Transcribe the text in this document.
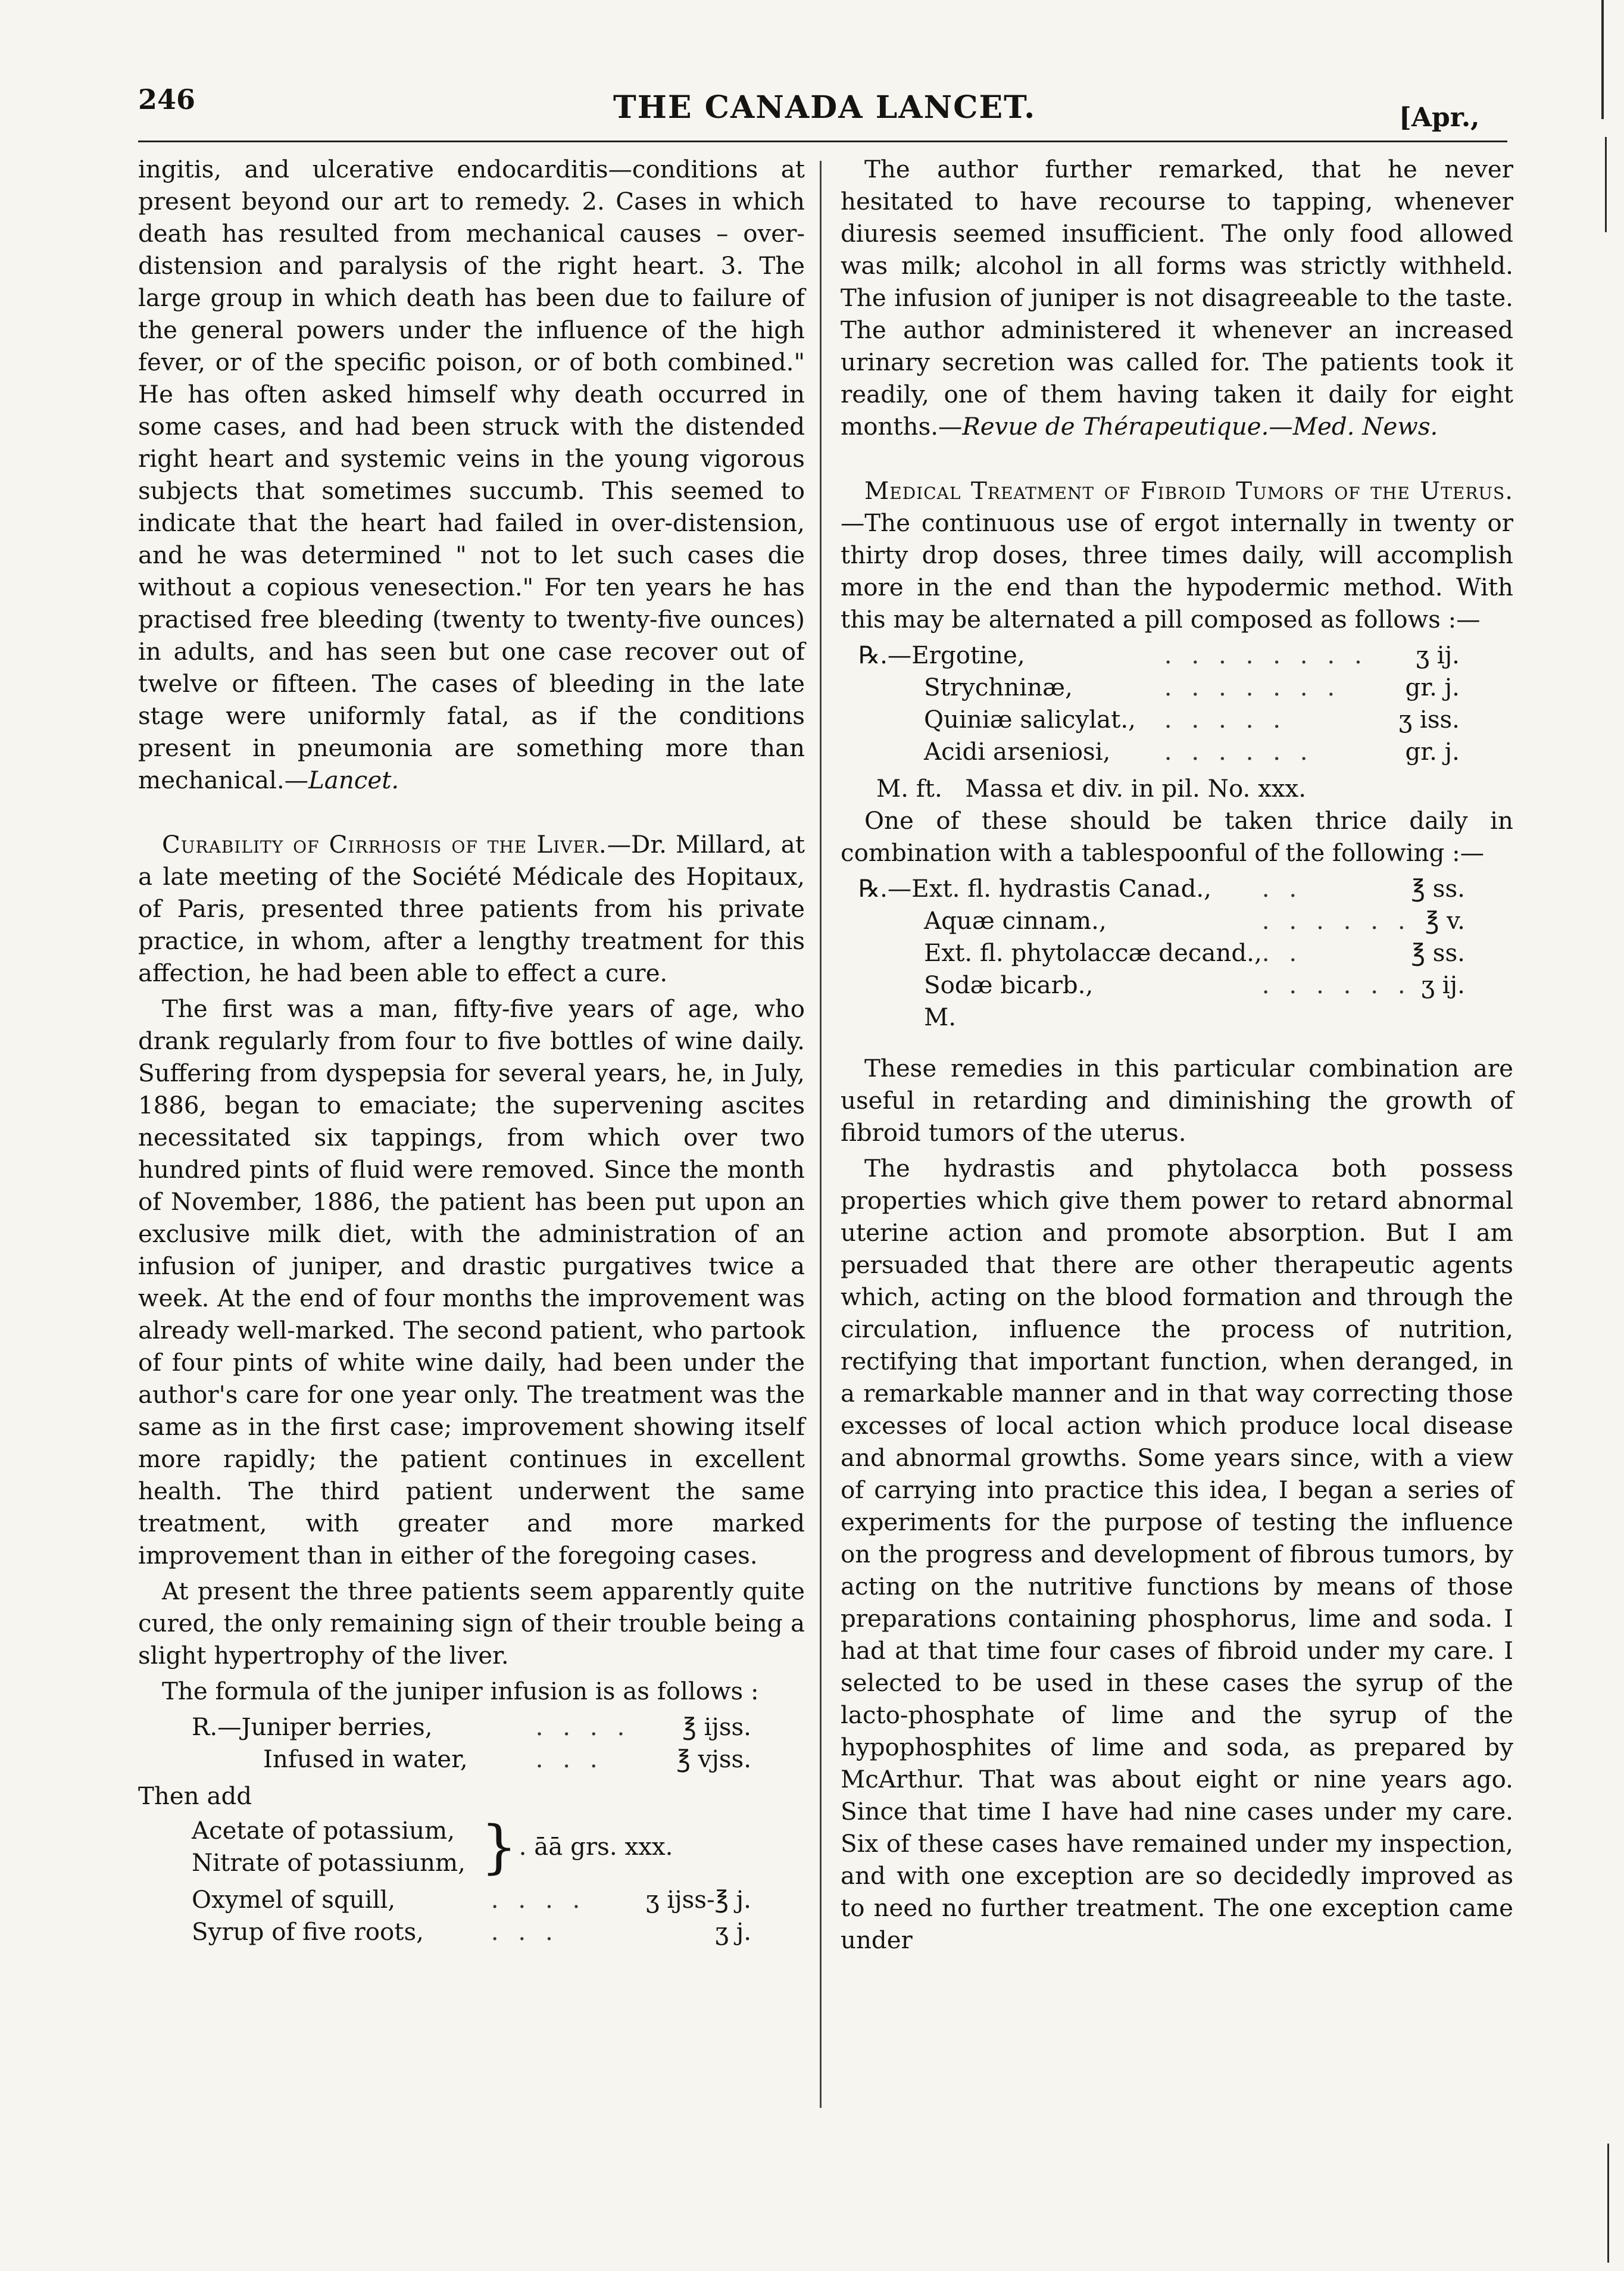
246	THE CANADA LANCET.	[Apr.,

ingitis, and ulcerative endocarditis—conditions at present beyond our art to remedy. 2. Cases in which death has resulted from mechanical causes – over-distension and paralysis of the right heart. 3. The large group in which death has been due to failure of the general powers under the influence of the high fever, or of the specific poison, or of both combined." He has often asked himself why death occurred in some cases, and had been struck with the distended right heart and systemic veins in the young vigorous subjects that sometimes succumb. This seemed to indicate that the heart had failed in over-distension, and he was determined " not to let such cases die without a copious venesection." For ten years he has practised free bleeding (twenty to twenty-five ounces) in adults, and has seen but one case recover out of twelve or fifteen. The cases of bleeding in the late stage were uniformly fatal, as if the conditions present in pneumonia are something more than mechanical.—Lancet.

Curability of Cirrhosis of the Liver.—Dr. Millard, at a late meeting of the Société Médicale des Hopitaux, of Paris, presented three patients from his private practice, in whom, after a lengthy treatment for this affection, he had been able to effect a cure.

The first was a man, fifty-five years of age, who drank regularly from four to five bottles of wine daily. Suffering from dyspepsia for several years, he, in July, 1886, began to emaciate; the supervening ascites necessitated six tappings, from which over two hundred pints of fluid were removed. Since the month of November, 1886, the patient has been put upon an exclusive milk diet, with the administration of an infusion of juniper, and drastic purgatives twice a week. At the end of four months the improvement was already well-marked. The second patient, who partook of four pints of white wine daily, had been under the author's care for one year only. The treatment was the same as in the first case; improvement showing itself more rapidly; the patient continues in excellent health. The third patient underwent the same treatment, with greater and more marked improvement than in either of the foregoing cases.

At present the three patients seem apparently quite cured, the only remaining sign of their trouble being a slight hypertrophy of the liver.

The formula of the juniper infusion is as follows :

R.—Juniper berries,	. . . .	℥ ijss.
Infused in water,	. . .	℥ vjss.
Then add
Acetate of potassium,	}	. āā grs. xxx.
Nitrate of potassiunm,
Oxymel of squill,	. . . .	ʒ ijss-℥ j.
Syrup of five roots,	. . .	ʒ j.

The author further remarked, that he never hesitated to have recourse to tapping, whenever diuresis seemed insufficient. The only food allowed was milk; alcohol in all forms was strictly withheld. The infusion of juniper is not disagreeable to the taste. The author administered it whenever an increased urinary secretion was called for. The patients took it readily, one of them having taken it daily for eight months.—Revue de Thérapeutique.—Med. News.

Medical Treatment of Fibroid Tumors of the Uterus.—The continuous use of ergot internally in twenty or thirty drop doses, three times daily, will accomplish more in the end than the hypodermic method. With this may be alternated a pill composed as follows :—

℞.—Ergotine,	. . . . . . . .	ʒ ij.
Strychninæ,	. . . . . . .	gr. j.
Quiniæ salicylat.,	. . . . .	ʒ iss.
Acidi arseniosi,	. . . . . .	gr. j.
M. ft.   Massa et div. in pil. No. xxx.

One of these should be taken thrice daily in combination with a tablespoonful of the following :—

℞.—Ext. fl. hydrastis Canad.,	. .	℥ ss.
Aquæ cinnam.,	. . . . . .	℥ v.
Ext. fl. phytolaccæ decand.,	. .	℥ ss.
Sodæ bicarb.,	. . . . . .	ʒ ij.
M.		

These remedies in this particular combination are useful in retarding and diminishing the growth of fibroid tumors of the uterus.

The hydrastis and phytolacca both possess properties which give them power to retard abnormal uterine action and promote absorption. But I am persuaded that there are other therapeutic agents which, acting on the blood formation and through the circulation, influence the process of nutrition, rectifying that important function, when deranged, in a remarkable manner and in that way correcting those excesses of local action which produce local disease and abnormal growths. Some years since, with a view of carrying into practice this idea, I began a series of experiments for the purpose of testing the influence on the progress and development of fibrous tumors, by acting on the nutritive functions by means of those preparations containing phosphorus, lime and soda. I had at that time four cases of fibroid under my care. I selected to be used in these cases the syrup of the lacto-phosphate of lime and the syrup of the hypophosphites of lime and soda, as prepared by McArthur. That was about eight or nine years ago. Since that time I have had nine cases under my care. Six of these cases have remained under my inspection, and with one exception are so decidedly improved as to need no further treatment. The one exception came under
